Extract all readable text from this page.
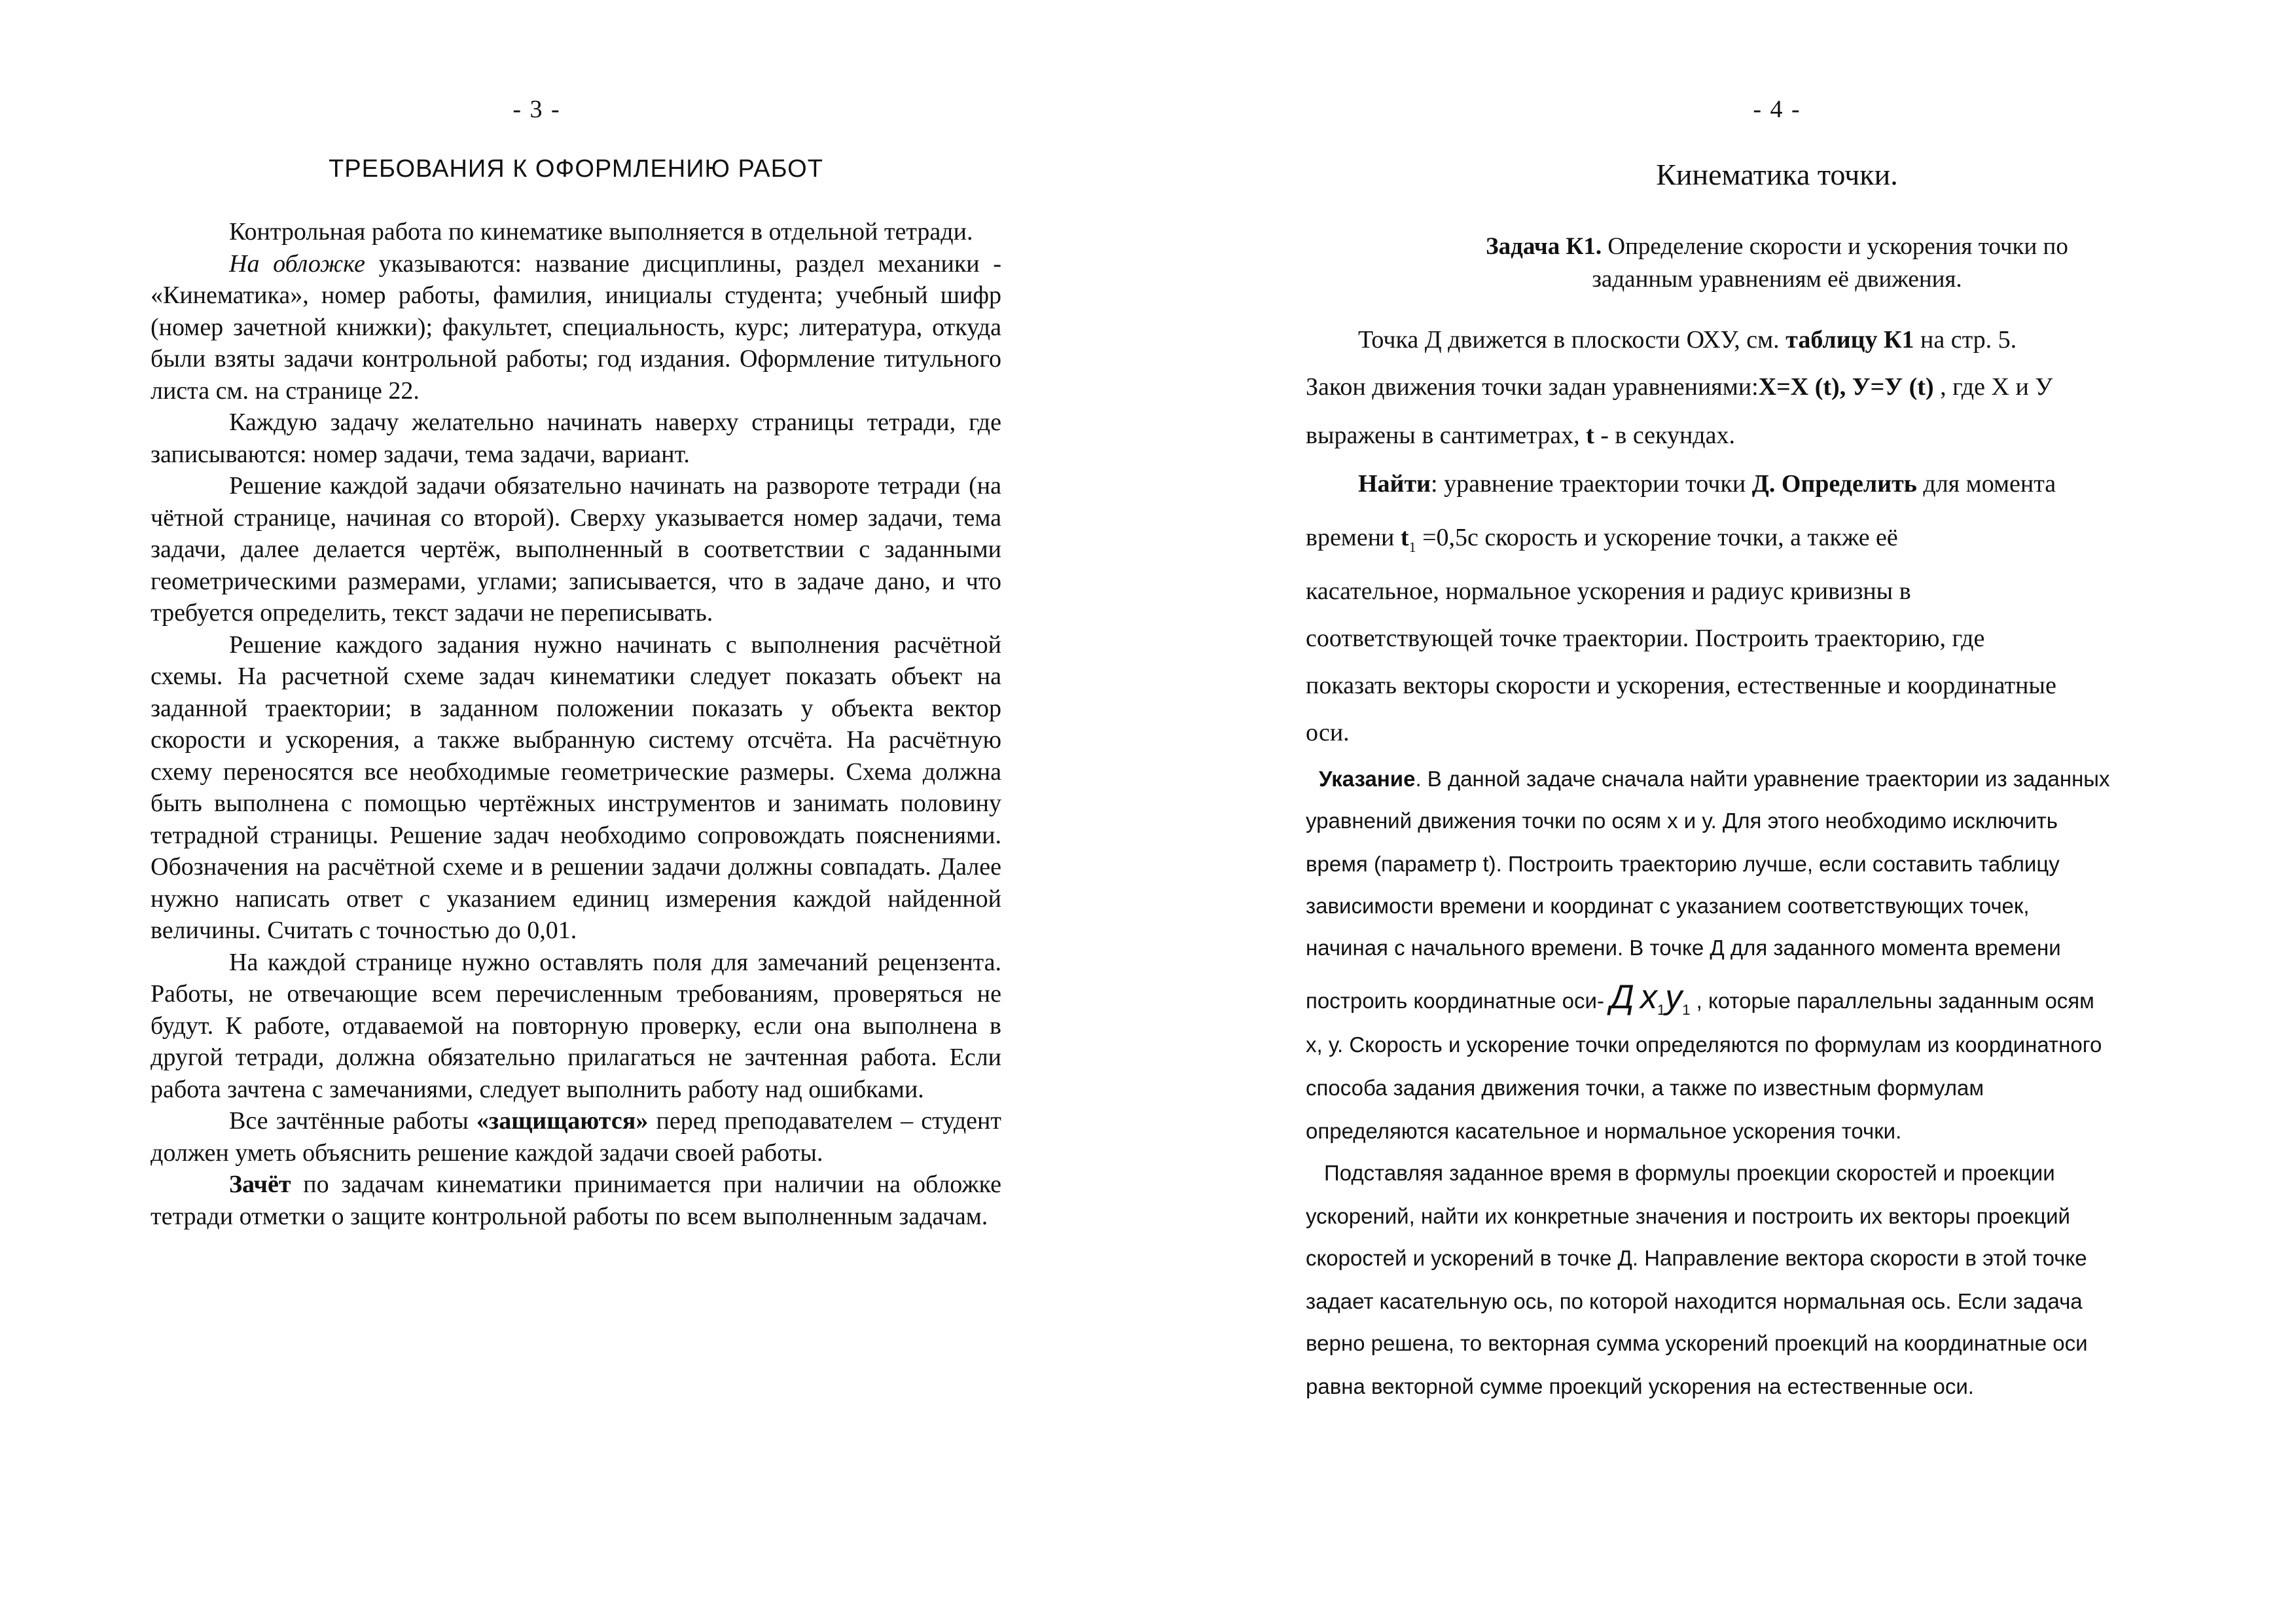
- 3 -
ТРЕБОВАНИЯ К ОФОРМЛЕНИЮ РАБОТ

Контрольная работа по кинематике выполняется в отдельной тетради.

На обложке указываются: название дисциплины, раздел механики - «Кинематика», номер работы, фамилия, инициалы студента; учебный шифр (номер зачетной книжки); факультет, специальность, курс; литература, откуда были взяты задачи контрольной работы; год издания. Оформление титульного листа см. на странице 22.

Каждую задачу желательно начинать наверху страницы тетради, где записываются: номер задачи, тема задачи, вариант.

Решение каждой задачи обязательно начинать на развороте тетради (на чётной странице, начиная со второй). Сверху указывается номер задачи, тема задачи, далее делается чертёж, выполненный в соответствии с заданными геометрическими размерами, углами; записывается, что в задаче дано, и что требуется определить, текст задачи не переписывать.

Решение каждого задания нужно начинать с выполнения расчётной схемы. На расчетной схеме задач кинематики следует показать объект на заданной траектории; в заданном положении показать у объекта вектор скорости и ускорения, а также выбранную систему отсчёта. На расчётную схему переносятся все необходимые геометрические размеры. Схема должна быть выполнена с помощью чертёжных инструментов и занимать половину тетрадной страницы. Решение задач необходимо сопровождать пояснениями. Обозначения на расчётной схеме и в решении задачи должны совпадать. Далее нужно написать ответ с указанием единиц измерения каждой найденной величины. Считать с точностью до 0,01.

На каждой странице нужно оставлять поля для замечаний рецензента. Работы, не отвечающие всем перечисленным требованиям, проверяться не будут. К работе, отдаваемой на повторную проверку, если она выполнена в другой тетради, должна обязательно прилагаться не зачтенная работа. Если работа зачтена с замечаниями, следует выполнить работу над ошибками.

Все зачтённые работы «защищаются» перед преподавателем – студент должен уметь объяснить решение каждой задачи своей работы.

Зачёт по задачам кинематики принимается при наличии на обложке тетради отметки о защите контрольной работы по всем выполненным задачам.

- 4 -
Кинематика точки.
Задача К1. Определение скорости и ускорения точки по
заданным уравнениям её движения.
Точка Д движется в плоскости ОХУ, см. таблицу К1 на стр. 5.
Закон движения точки задан уравнениями:Х=Х (t), У=У (t) , где Х и У
выражены в сантиметрах, t - в секундах.
Найти: уравнение траектории точки Д. Определить для момента
времени $t_1 =0,5с$ скорость и ускорение точки, а также её
касательное, нормальное ускорения и радиус кривизны в
соответствующей точке траектории. Построить траекторию, где
показать векторы скорости и ускорения, естественные и координатные
оси.
Указание. В данной задаче сначала найти уравнение траектории из заданных
уравнений движения точки по осям х и у. Для этого необходимо исключить
время (параметр t). Построить траекторию лучше, если составить таблицу
зависимости времени и координат с указанием соответствующих точек,
начиная с начального времени. В точке Д для заданного момента времени
построить координатные оси- Д $x_1y_1$ , которые параллельны заданным осям
х, у. Скорость и ускорение точки определяются по формулам из координатного
способа задания движения точки, а также по известным формулам
определяются касательное и нормальное ускорения точки.
Подставляя заданное время в формулы проекции скоростей и проекции
ускорений, найти их конкретные значения и построить их векторы проекций
скоростей и ускорений в точке Д. Направление вектора скорости в этой точке
задает касательную ось, по которой находится нормальная ось. Если задача
верно решена, то векторная сумма ускорений проекций на координатные оси
равна векторной сумме проекций ускорения на естественные оси.
